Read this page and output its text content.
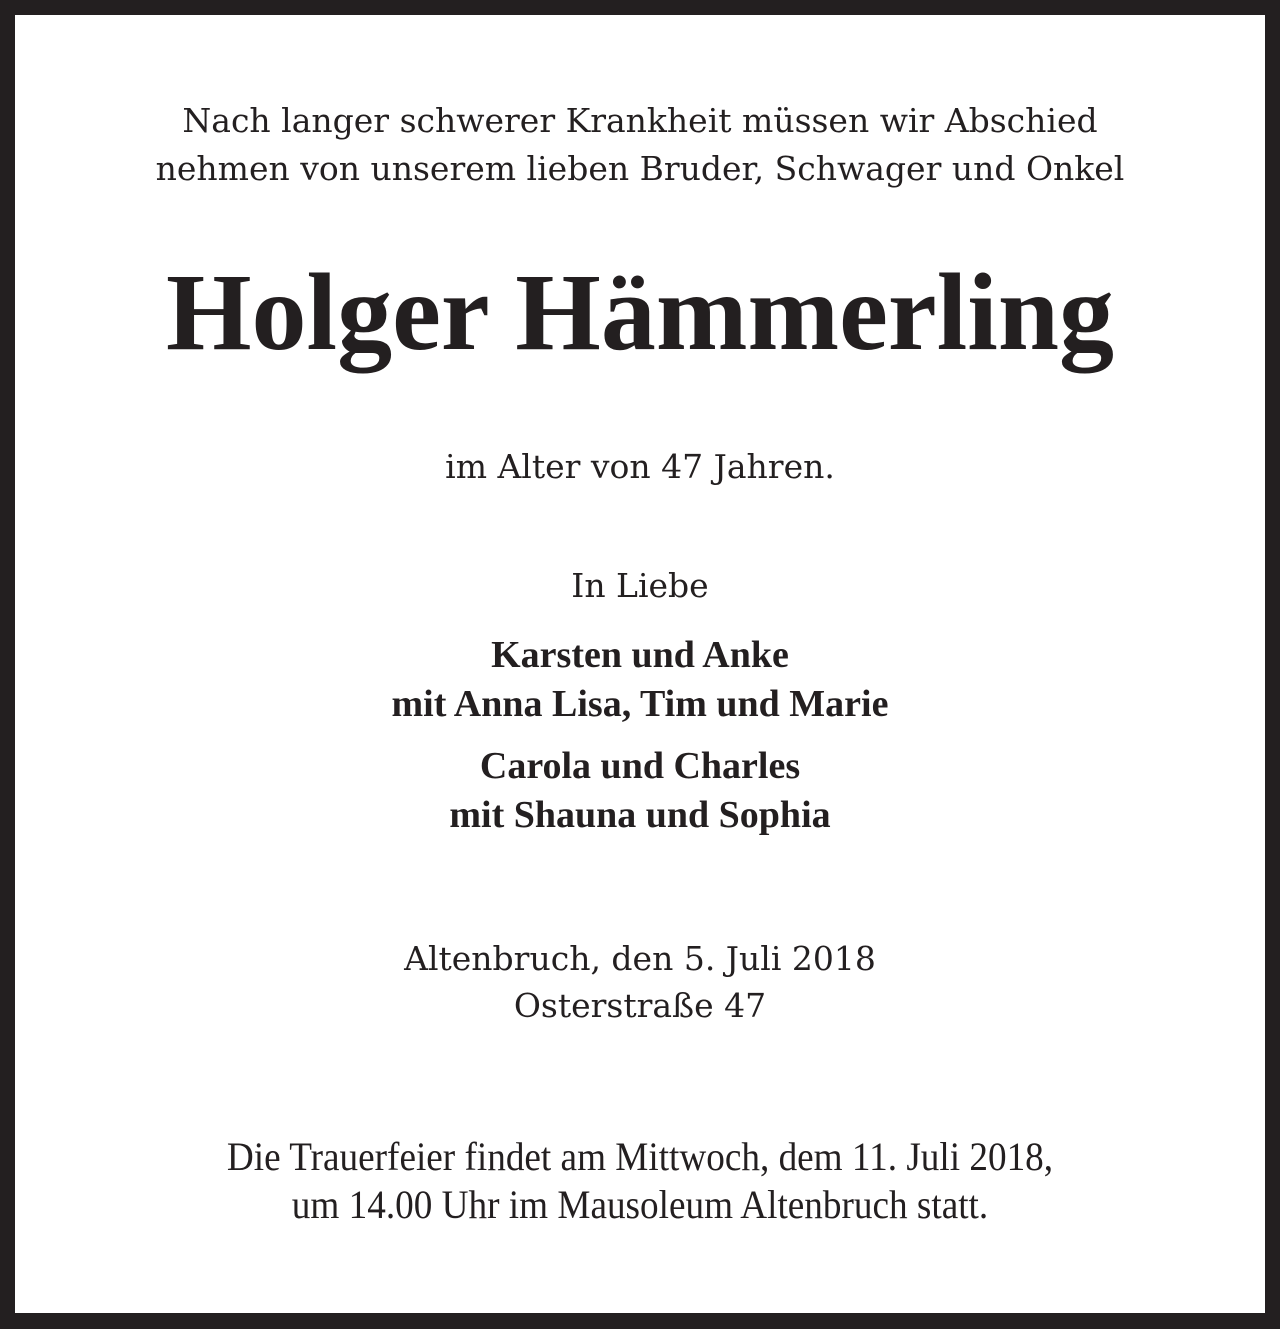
Nach langer schwerer Krankheit müssen wir Abschied
nehmen von unserem lieben Bruder, Schwager und Onkel
Holger Hämmerling
im Alter von 47 Jahren.
In Liebe
Karsten und Anke
mit Anna Lisa, Tim und Marie
Carola und Charles
mit Shauna und Sophia
Altenbruch, den 5. Juli 2018
Osterstraße 47
Die Trauerfeier findet am Mittwoch, dem 11. Juli 2018,
um 14.00 Uhr im Mausoleum Altenbruch statt.
